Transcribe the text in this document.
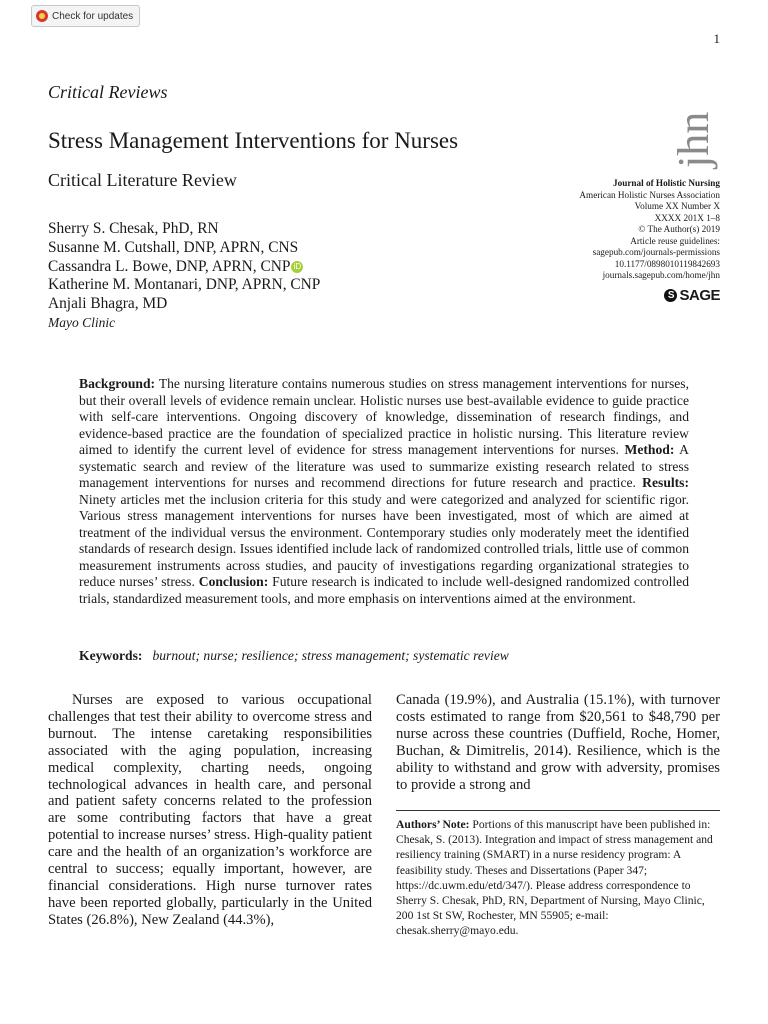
Check for updates
1
Critical Reviews
Stress Management Interventions for Nurses
Critical Literature Review
jhn
Journal of Holistic Nursing
American Holistic Nurses Association
Volume XX Number X
XXXX 201X 1–8
© The Author(s) 2019
Article reuse guidelines:
sagepub.com/journals-permissions
10.1177/0898010119842693
journals.sagepub.com/home/jhn
S SAGE
Sherry S. Chesak, PhD, RN
Susanne M. Cutshall, DNP, APRN, CNS
Cassandra L. Bowe, DNP, APRN, CNP iD
Katherine M. Montanari, DNP, APRN, CNP
Anjali Bhagra, MD
Mayo Clinic
Background: The nursing literature contains numerous studies on stress management interventions for nurses, but their overall levels of evidence remain unclear. Holistic nurses use best-available evidence to guide practice with self-care interventions. Ongoing discovery of knowledge, dissemination of research findings, and evidence-based practice are the foundation of specialized practice in holistic nursing. This literature review aimed to identify the current level of evidence for stress management interventions for nurses. Method: A systematic search and review of the literature was used to summarize existing research related to stress management interventions for nurses and recommend directions for future research and practice. Results: Ninety articles met the inclusion criteria for this study and were categorized and analyzed for scientific rigor. Various stress management interventions for nurses have been investigated, most of which are aimed at treatment of the individual versus the environment. Contemporary studies only moderately meet the identified standards of research design. Issues identified include lack of randomized controlled trials, little use of common measurement instruments across studies, and paucity of investigations regarding organizational strategies to reduce nurses’ stress. Conclusion: Future research is indicated to include well-designed randomized controlled trials, standardized measurement tools, and more emphasis on interventions aimed at the environment.
Keywords: burnout; nurse; resilience; stress management; systematic review

Nurses are exposed to various occupational challenges that test their ability to overcome stress and burnout. The intense caretaking responsibilities associated with the aging population, increasing medical complexity, charting needs, ongoing technological advances in health care, and personal and patient safety concerns related to the profession are some contributing factors that have a great potential to increase nurses’ stress. High-quality patient care and the health of an organization’s workforce are central to success; equally important, however, are financial considerations. High nurse turnover rates have been reported globally, particularly in the United States (26.8%), New Zealand (44.3%),

Canada (19.9%), and Australia (15.1%), with turnover costs estimated to range from $20,561 to $48,790 per nurse across these countries (Duffield, Roche, Homer, Buchan, & Dimitrelis, 2014). Resilience, which is the ability to withstand and grow with adversity, promises to provide a strong and

Authors’ Note: Portions of this manuscript have been published in: Chesak, S. (2013). Integration and impact of stress management and resiliency training (SMART) in a nurse residency program: A feasibility study. Theses and Dissertations (Paper 347; https://dc.uwm.edu/etd/347/). Please address correspondence to Sherry S. Chesak, PhD, RN, Department of Nursing, Mayo Clinic, 200 1st St SW, Rochester, MN 55905; e-mail: chesak.sherry@mayo.edu.
